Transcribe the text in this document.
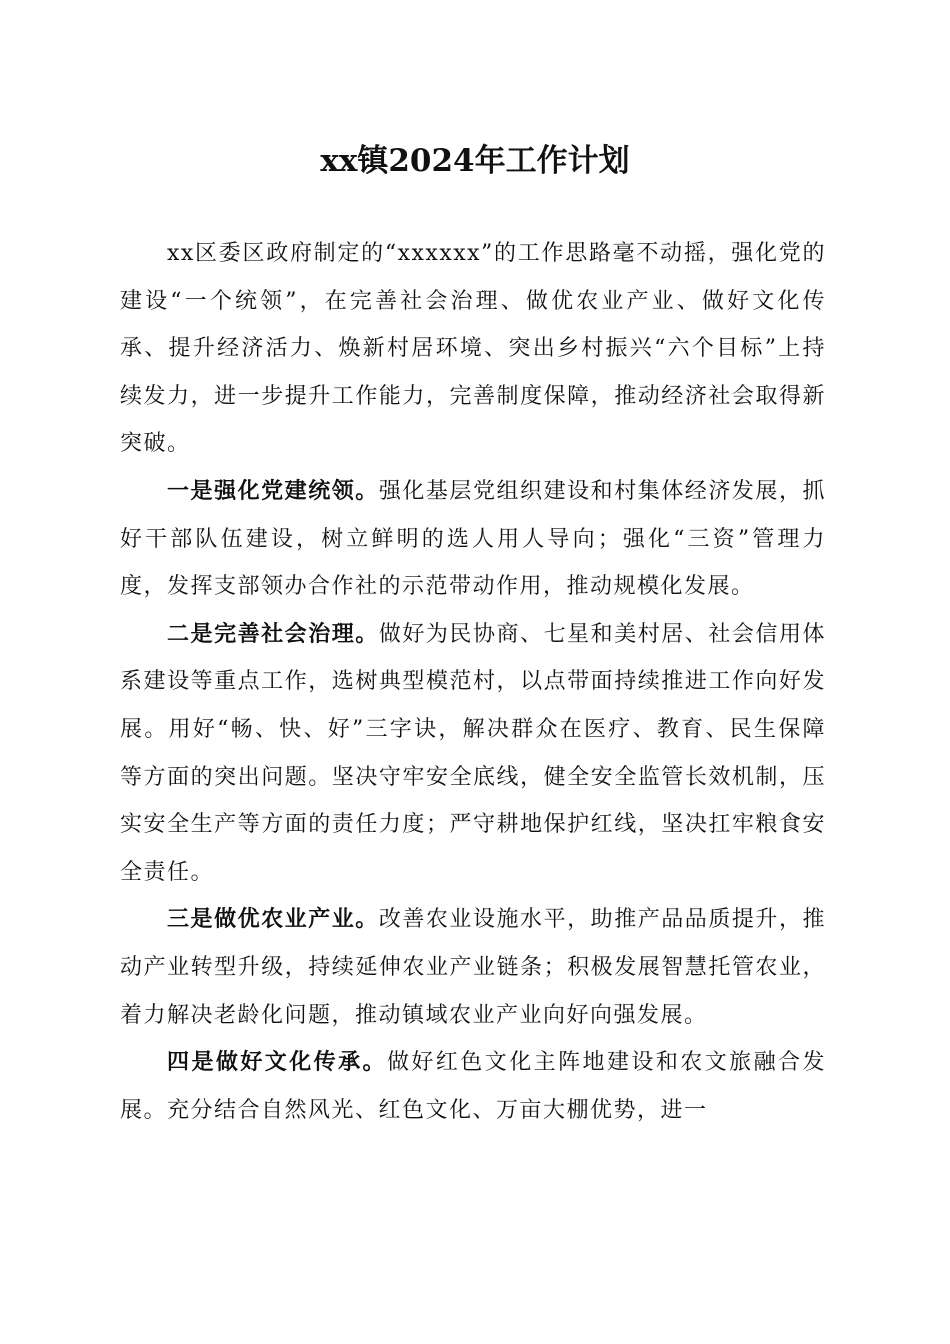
xx镇2024年工作计划

xx区委区政府制定的“xxxxxx”的工作思路毫不动摇，强化党的建设“一个统领”，在完善社会治理、做优农业产业、做好文化传承、提升经济活力、焕新村居环境、突出乡村振兴“六个目标”上持续发力，进一步提升工作能力，完善制度保障，推动经济社会取得新突破。

一是强化党建统领。强化基层党组织建设和村集体经济发展，抓好干部队伍建设，树立鲜明的选人用人导向；强化“三资”管理力度，发挥支部领办合作社的示范带动作用，推动规模化发展。

二是完善社会治理。做好为民协商、七星和美村居、社会信用体系建设等重点工作，选树典型模范村，以点带面持续推进工作向好发展。用好“畅、快、好”三字诀，解决群众在医疗、教育、民生保障等方面的突出问题。坚决守牢安全底线，健全安全监管长效机制，压实安全生产等方面的责任力度；严守耕地保护红线，坚决扛牢粮食安全责任。

三是做优农业产业。改善农业设施水平，助推产品品质提升，推动产业转型升级，持续延伸农业产业链条；积极发展智慧托管农业，着力解决老龄化问题，推动镇域农业产业向好向强发展。

四是做好文化传承。做好红色文化主阵地建设和农文旅融合发展。充分结合自然风光、红色文化、万亩大棚优势，进一
